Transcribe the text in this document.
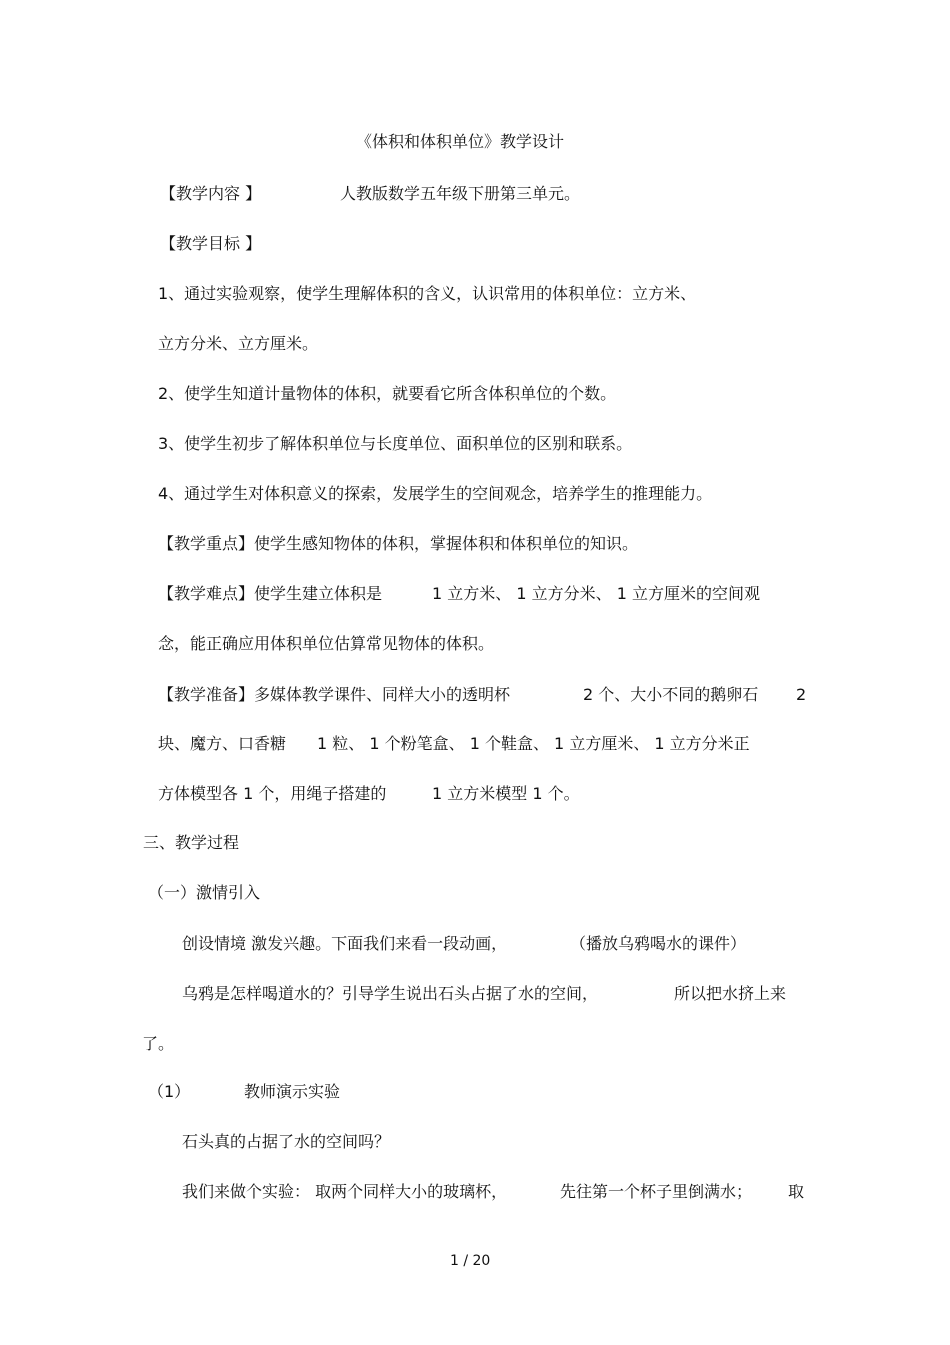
《体积和体积单位》教学设计
【教学内容 】	人教版数学五年级下册第三单元。
【教学目标 】
1、通过实验观察，使学生理解体积的含义，认识常用的体积单位：立方米、
立方分米、立方厘米。
2、使学生知道计量物体的体积，就要看它所含体积单位的个数。
3、使学生初步了解体积单位与长度单位、面积单位的区别和联系。
4、通过学生对体积意义的探索，发展学生的空间观念，培养学生的推理能力。
【教学重点】使学生感知物体的体积，掌握体积和体积单位的知识。
【教学难点】使学生建立体积是	1 立方米、 1 立方分米、 1 立方厘米的空间观
念，能正确应用体积单位估算常见物体的体积。
【教学准备】多媒体教学课件、同样大小的透明杯	2 个、大小不同的鹅卵石 2
块、魔方、口香糖 1 粒、 1 个粉笔盒、 1 个鞋盒、 1 立方厘米、 1 立方分米正
方体模型各 1 个，用绳子搭建的	1 立方米模型 1 个。
三、教学过程
（一）激情引入
创设情境 激发兴趣。下面我们来看一段动画，	（播放乌鸦喝水的课件）
乌鸦是怎样喝道水的？引导学生说出石头占据了水的空间，	所以把水挤上来
了。
（1）	教师演示实验
石头真的占据了水的空间吗？
我们来做个实验： 取两个同样大小的玻璃杯，	先往第一个杯子里倒满水； 取
1 / 20
